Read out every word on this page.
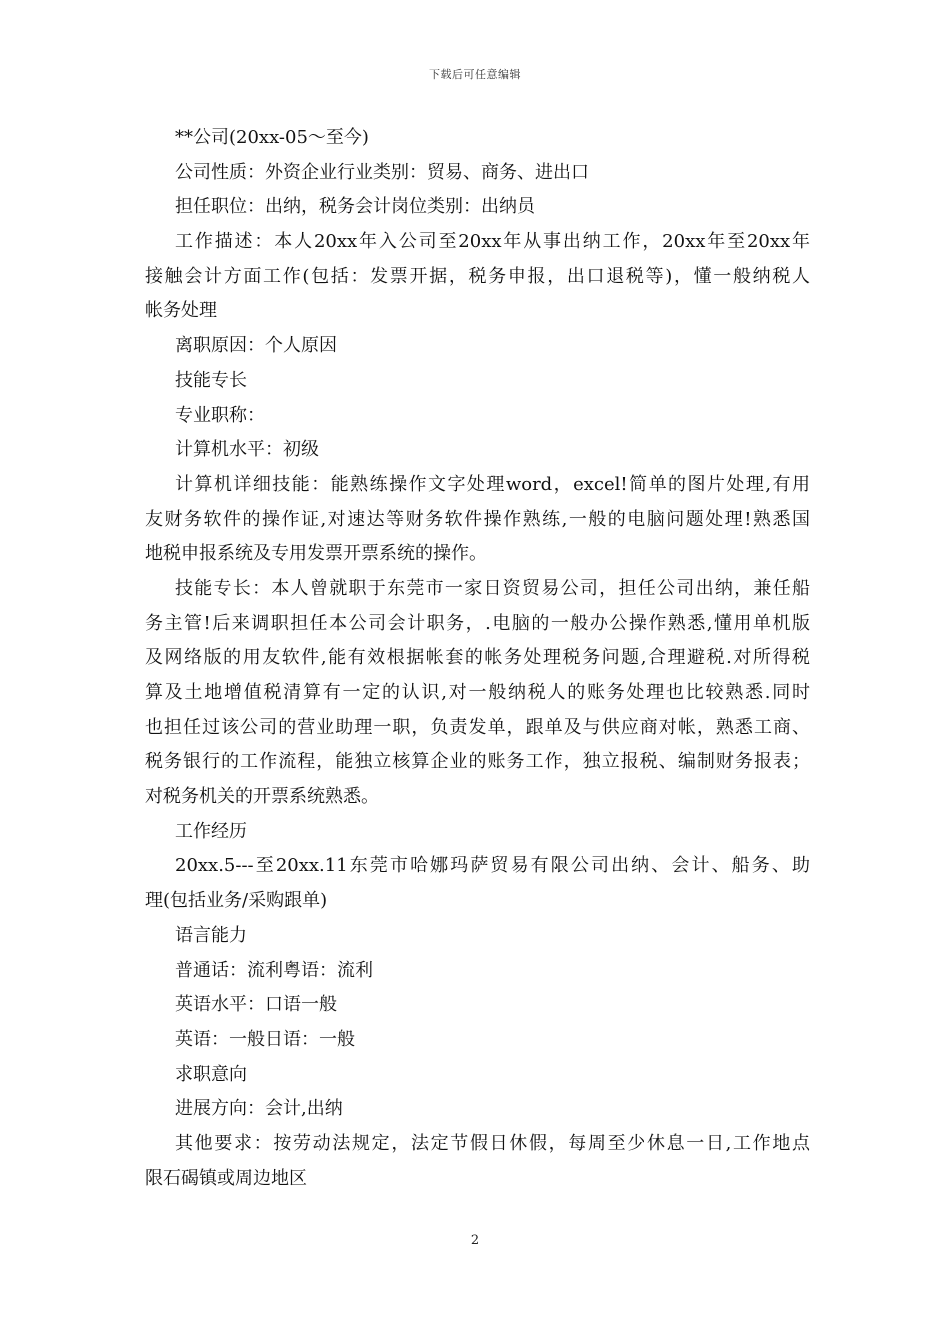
下载后可任意编辑
**公司(20xx-05～至今)
公司性质：外资企业行业类别：贸易、商务、进出口
担任职位：出纳，税务会计岗位类别：出纳员
工作描述：本人20xx年入公司至20xx年从事出纳工作，20xx年至20xx年
接触会计方面工作(包括：发票开据，税务申报，出口退税等)，懂一般纳税人
帐务处理
离职原因：个人原因
技能专长
专业职称：
计算机水平：初级
计算机详细技能：能熟练操作文字处理word，excel!简单的图片处理,有用
友财务软件的操作证,对速达等财务软件操作熟练,一般的电脑问题处理!熟悉国
地税申报系统及专用发票开票系统的操作。
技能专长：本人曾就职于东莞市一家日资贸易公司，担任公司出纳，兼任船
务主管!后来调职担任本公司会计职务，.电脑的一般办公操作熟悉,懂用单机版
及网络版的用友软件,能有效根据帐套的帐务处理税务问题,合理避税.对所得税
算及土地增值税清算有一定的认识,对一般纳税人的账务处理也比较熟悉.同时
也担任过该公司的营业助理一职，负责发单，跟单及与供应商对帐，熟悉工商、
税务银行的工作流程，能独立核算企业的账务工作，独立报税、编制财务报表；
对税务机关的开票系统熟悉。
工作经历
20xx.5---至20xx.11东莞市哈娜玛萨贸易有限公司出纳、会计、船务、助
理(包括业务/采购跟单)
语言能力
普通话：流利粤语：流利
英语水平：口语一般
英语：一般日语：一般
求职意向
进展方向：会计,出纳
其他要求：按劳动法规定，法定节假日休假，每周至少休息一日,工作地点
限石碣镇或周边地区
2
